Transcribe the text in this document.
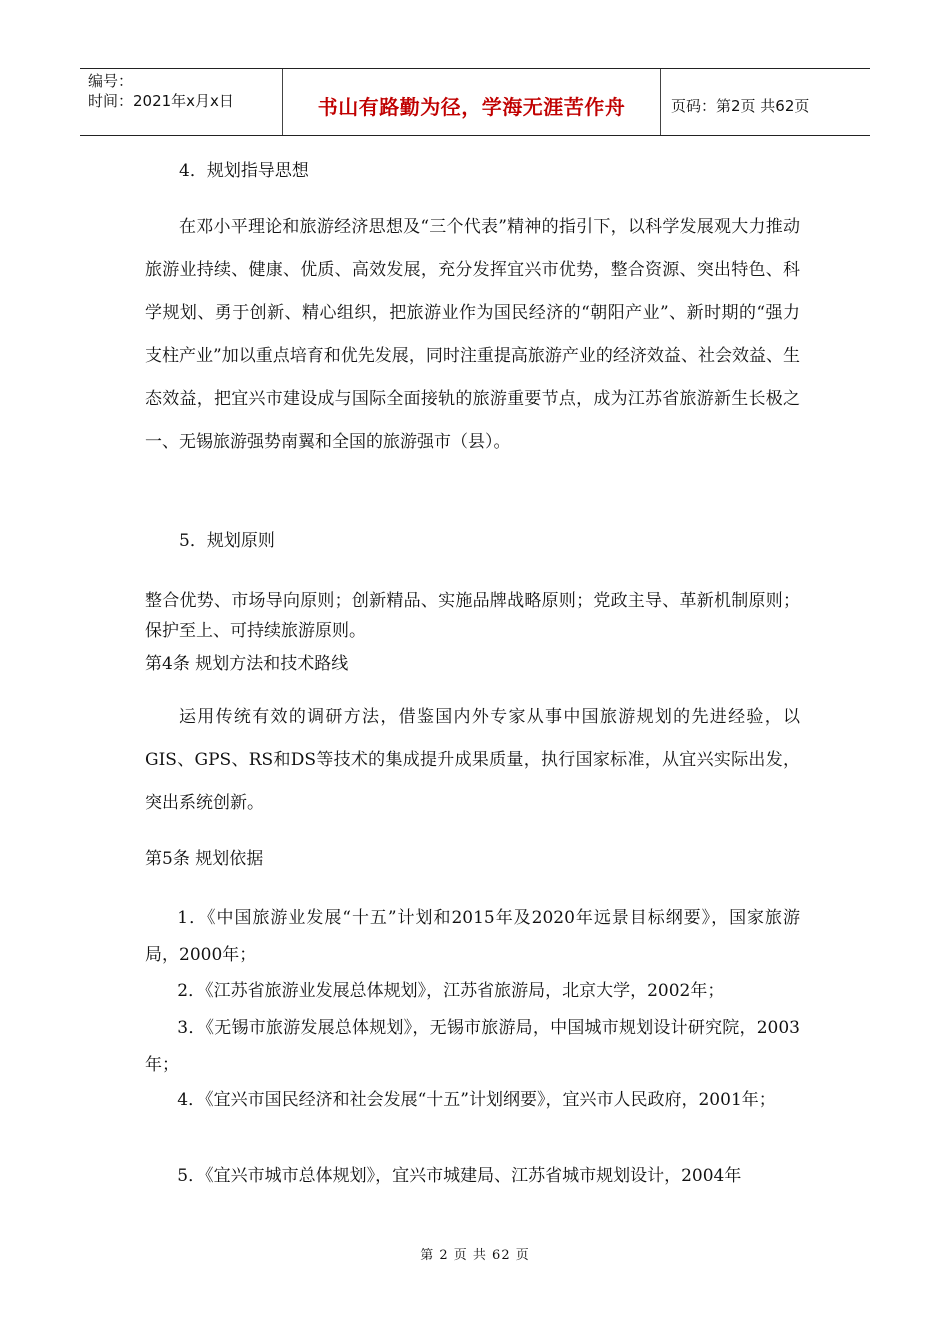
编号：
时间：2021年x月x日	书山有路勤为径，学海无涯苦作舟	页码：第2页 共62页
4．规划指导思想
在邓小平理论和旅游经济思想及“三个代表”精神的指引下，以科学发展观大力推动旅游业持续、健康、优质、高效发展，充分发挥宜兴市优势，整合资源、突出特色、科学规划、勇于创新、精心组织，把旅游业作为国民经济的“朝阳产业”、新时期的“强力支柱产业”加以重点培育和优先发展，同时注重提高旅游产业的经济效益、社会效益、生态效益，把宜兴市建设成与国际全面接轨的旅游重要节点，成为江苏省旅游新生长极之一、无锡旅游强势南翼和全国的旅游强市（县）。
5．规划原则
整合优势、市场导向原则；创新精品、实施品牌战略原则；党政主导、革新机制原则；保护至上、可持续旅游原则。
第4条 规划方法和技术路线
运用传统有效的调研方法，借鉴国内外专家从事中国旅游规划的先进经验，以GIS、GPS、RS和DS等技术的集成提升成果质量，执行国家标准，从宜兴实际出发，突出系统创新。
第5条 规划依据
1．《中国旅游业发展“十五”计划和2015年及2020年远景目标纲要》，国家旅游局，2000年；
2．《江苏省旅游业发展总体规划》，江苏省旅游局，北京大学，2002年；
3．《无锡市旅游发展总体规划》，无锡市旅游局，中国城市规划设计研究院，2003年；
4．《宜兴市国民经济和社会发展“十五”计划纲要》，宜兴市人民政府，2001年；
5．《宜兴市城市总体规划》，宜兴市城建局、江苏省城市规划设计，2004年
第 2 页 共 62 页
